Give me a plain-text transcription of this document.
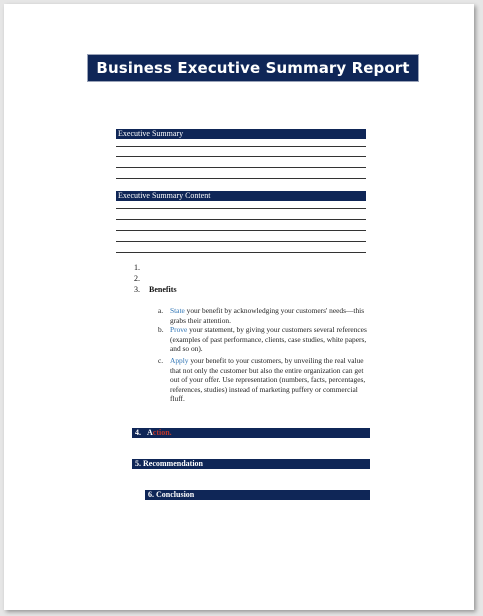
Business Executive Summary Report
Executive Summary
Executive Summary Content
1.
2.
3. Benefits
a. State your benefit by acknowledging your customers' needs—this grabs their attention.
b. Prove your statement, by giving your customers several references (examples of past performance, clients, case studies, white papers, and so on).
c. Apply your benefit to your customers, by unveiling the real value that not only the customer but also the entire organization can get out of your offer. Use representation (numbers, facts, percentages, references, studies) instead of marketing puffery or commercial fluff.
4. Action.
5. Recommendation
6. Conclusion
